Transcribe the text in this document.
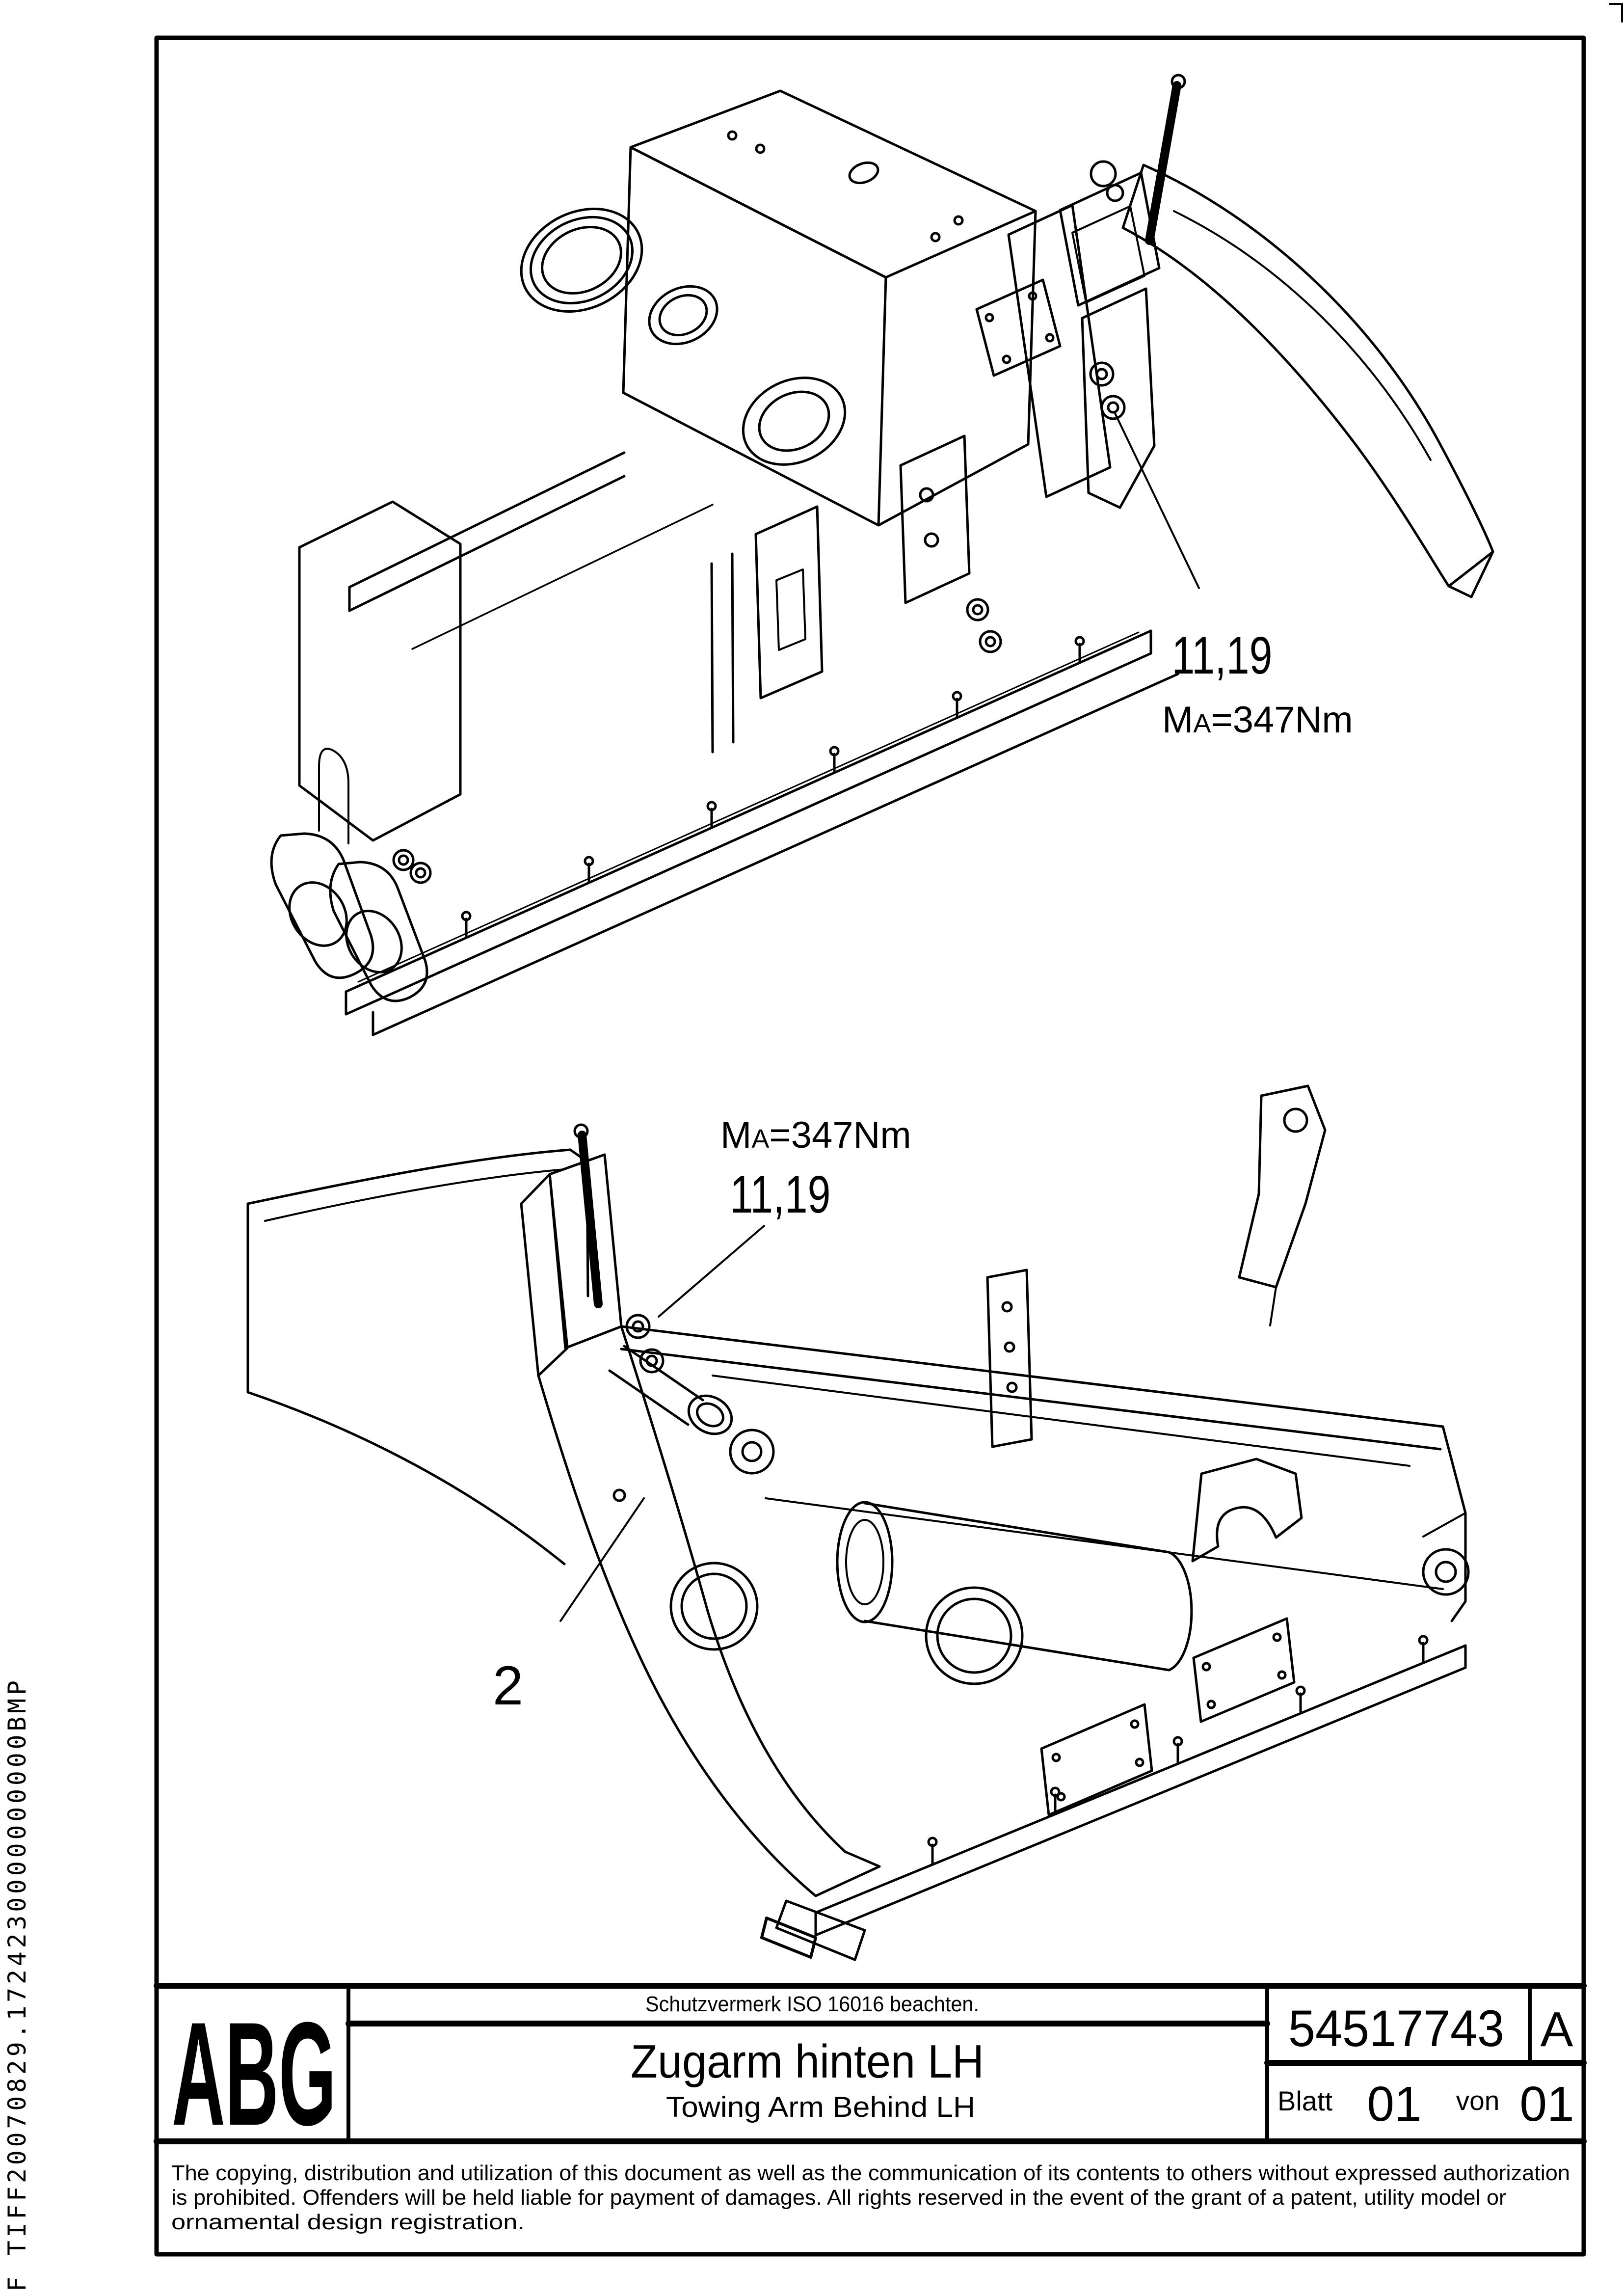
F TIFF20070829.1724230000000000BMP
11,19
MA=347Nm
MA=347Nm
11,19
2
ABG	Schutzvermerk ISO 16016 beachten.
Zugarm hinten LH
Towing Arm Behind LH
54517743 A
Blatt 01 von 01
The copying, distribution and utilization of this document as well as the communication of its contents to others without expressed authorization
is prohibited. Offenders will be held liable for payment of damages. All rights reserved in the event of the grant of a patent, utility model or
ornamental design registration.
